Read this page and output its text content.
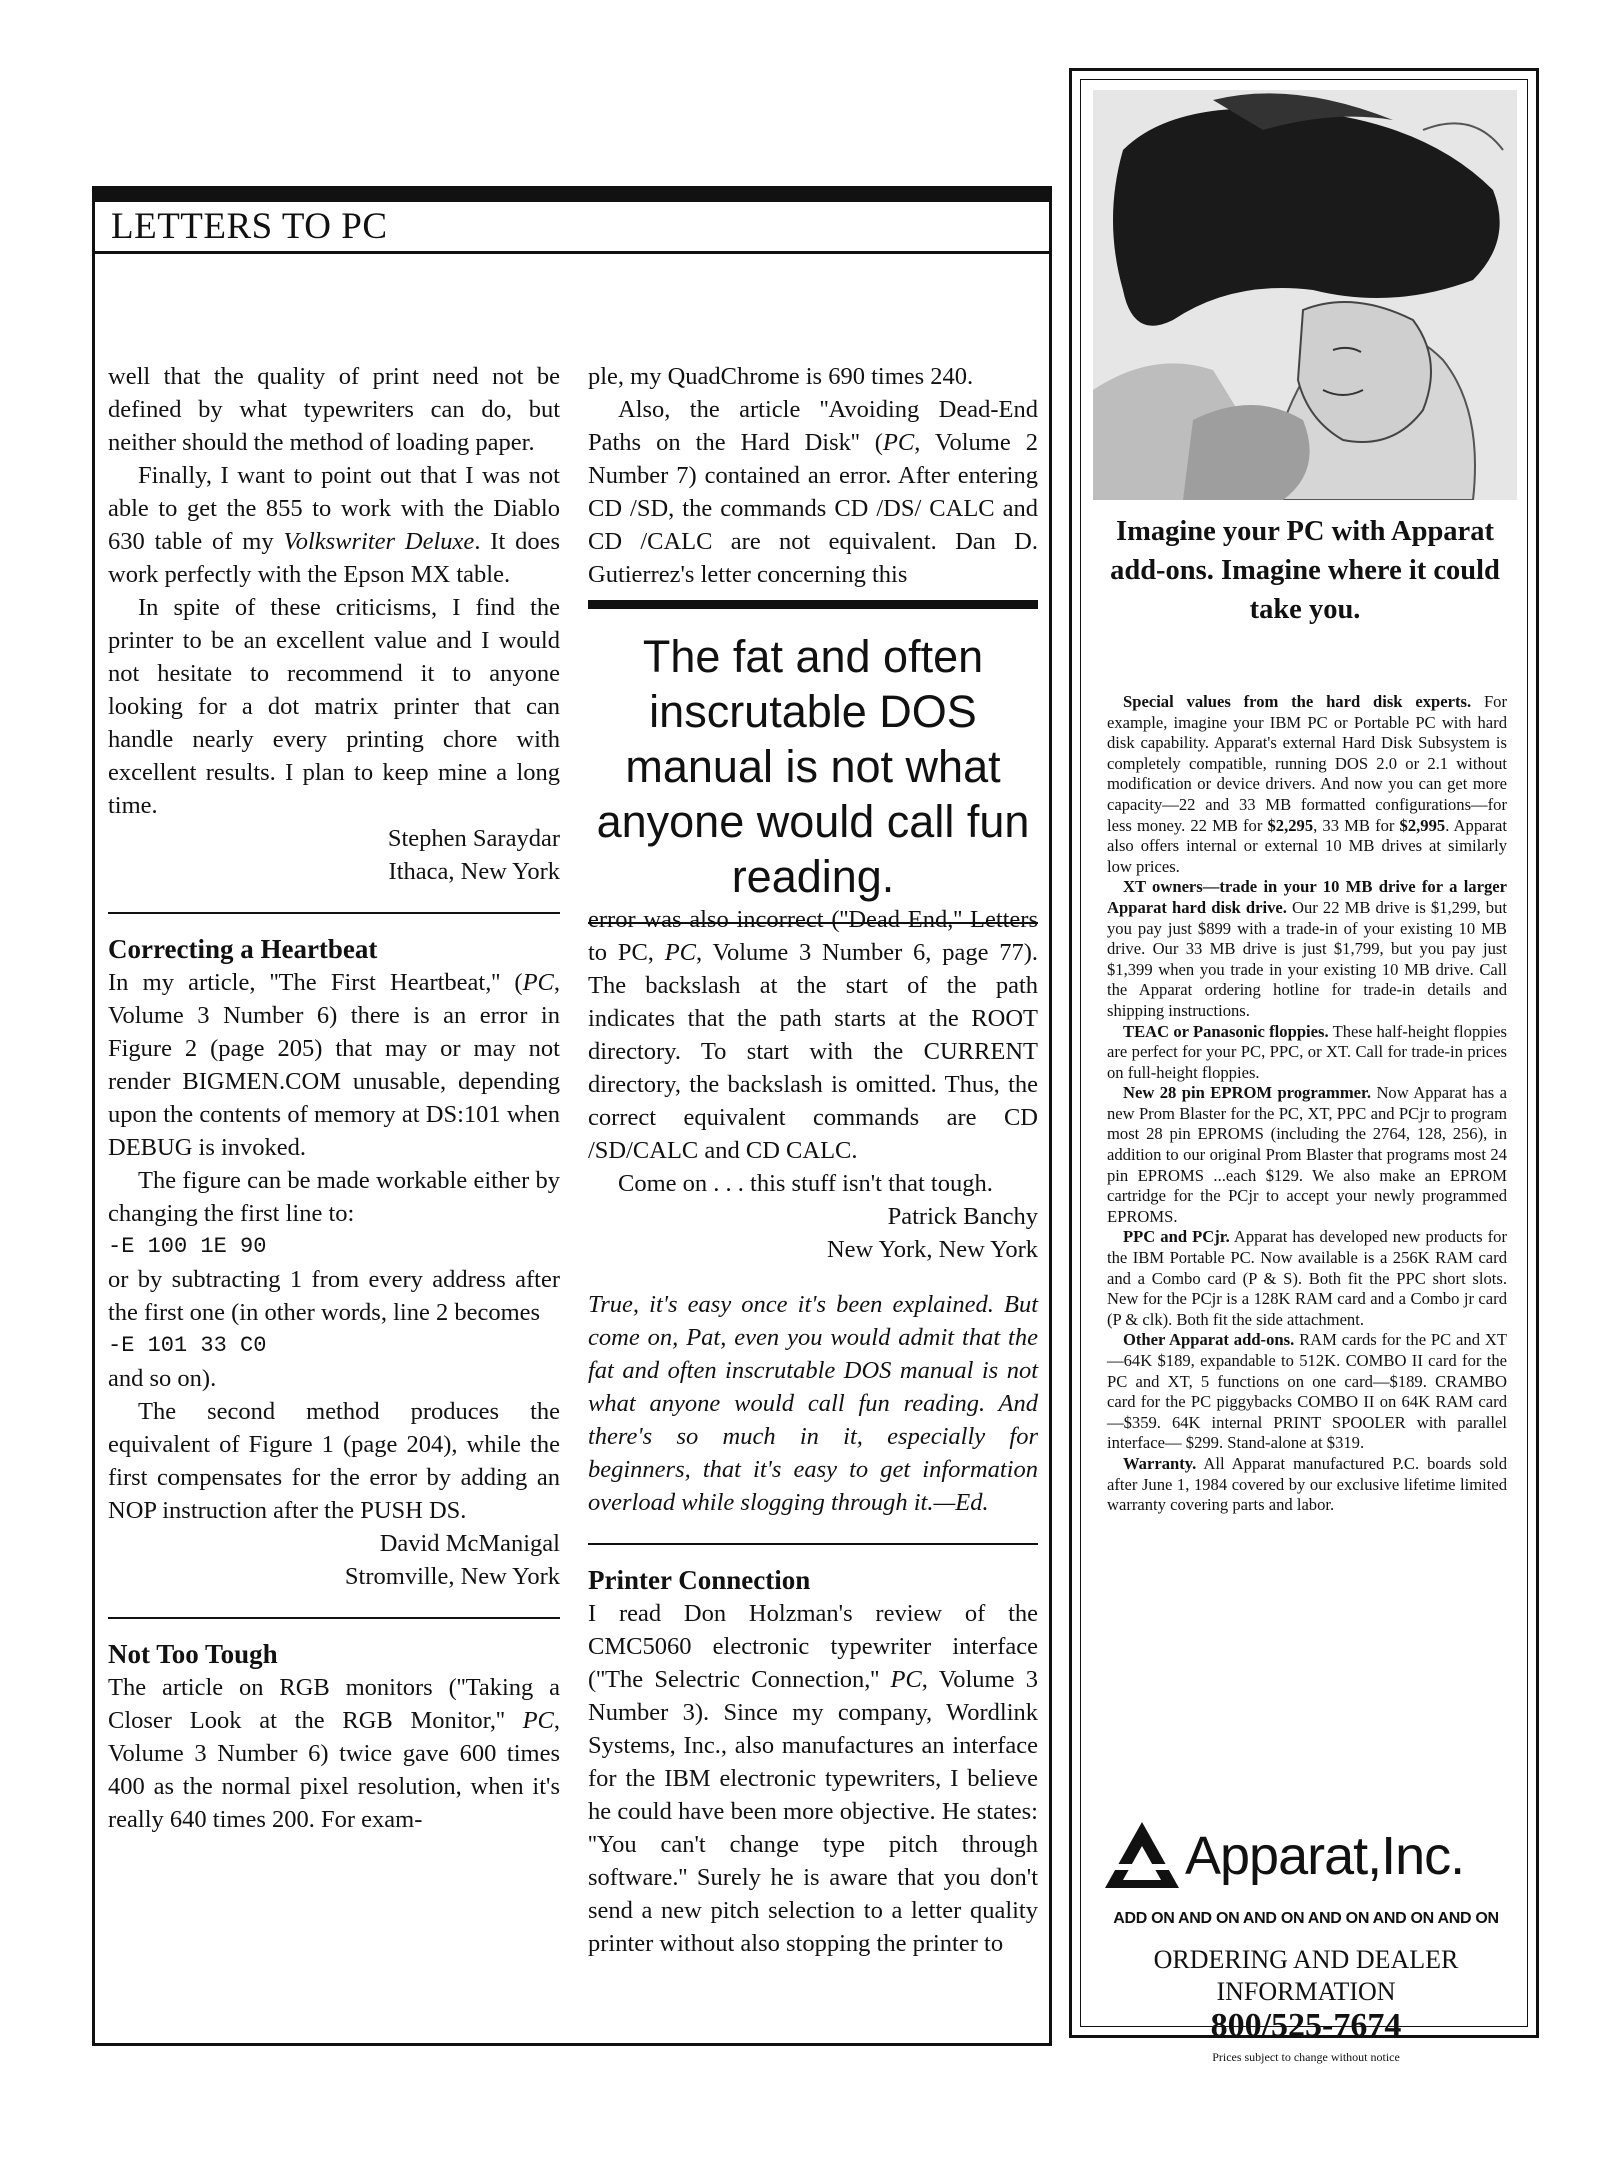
LETTERS TO PC

well that the quality of print need not be defined by what typewriters can do, but neither should the method of loading paper.

Finally, I want to point out that I was not able to get the 855 to work with the Diablo 630 table of my Volkswriter Deluxe. It does work perfectly with the Epson MX table.

In spite of these criticisms, I find the printer to be an excellent value and I would not hesitate to recommend it to anyone looking for a dot matrix printer that can handle nearly every printing chore with excellent results. I plan to keep mine a long time.

Stephen Saraydar

Ithaca, New York

Correcting a Heartbeat

In my article, ''The First Heartbeat,'' (PC, Volume 3 Number 6) there is an error in Figure 2 (page 205) that may or may not render BIGMEN.COM unusable, depending upon the contents of memory at DS:101 when DEBUG is invoked.

The figure can be made workable either by changing the first line to:

-E 100 1E 90

or by subtracting 1 from every address after the first one (in other words, line 2 becomes

-E 101 33 C0

and so on).

The second method produces the equivalent of Figure 1 (page 204), while the first compensates for the error by adding an NOP instruction after the PUSH DS.

David McManigal

Stromville, New York

Not Too Tough

The article on RGB monitors (''Taking a Closer Look at the RGB Monitor,'' PC, Volume 3 Number 6) twice gave 600 times 400 as the normal pixel resolution, when it's really 640 times 200. For exam-

ple, my QuadChrome is 690 times 240.

Also, the article ''Avoiding Dead-End Paths on the Hard Disk'' (PC, Volume 2 Number 7) contained an error. After entering CD /SD, the commands CD /DS/ CALC and CD /CALC are not equivalent. Dan D. Gutierrez's letter concerning this

error was also incorrect (''Dead End,'' Letters to PC, PC, Volume 3 Number 6, page 77). The backslash at the start of the path indicates that the path starts at the ROOT directory. To start with the CURRENT directory, the backslash is omitted. Thus, the correct equivalent commands are CD /SD/CALC and CD CALC.

Come on . . . this stuff isn't that tough.

Patrick Banchy

New York, New York

True, it's easy once it's been explained. But come on, Pat, even you would admit that the fat and often inscrutable DOS manual is not what anyone would call fun reading. And there's so much in it, especially for beginners, that it's easy to get information overload while slogging through it.—Ed.

Printer Connection

I read Don Holzman's review of the CMC5060 electronic typewriter interface (''The Selectric Connection,'' PC, Volume 3 Number 3). Since my company, Wordlink Systems, Inc., also manufactures an interface for the IBM electronic typewriters, I believe he could have been more objective. He states: ''You can't change type pitch through software.'' Surely he is aware that you don't send a new pitch selection to a letter quality printer without also stopping the printer to

The fat and often inscrutable DOS manual is not what anyone would call fun reading.
Imagine your PC with Apparat add-ons. Imagine where it could take you.

Special values from the hard disk experts. For example, imagine your IBM PC or Portable PC with hard disk capability. Apparat's external Hard Disk Subsystem is completely compatible, running DOS 2.0 or 2.1 without modification or device drivers. And now you can get more capacity—22 and 33 MB formatted configurations—for less money. 22 MB for $2,295, 33 MB for $2,995. Apparat also offers internal or external 10 MB drives at similarly low prices.

XT owners—trade in your 10 MB drive for a larger Apparat hard disk drive. Our 22 MB drive is $1,299, but you pay just $899 with a trade-in of your existing 10 MB drive. Our 33 MB drive is just $1,799, but you pay just $1,399 when you trade in your existing 10 MB drive. Call the Apparat ordering hotline for trade-in details and shipping instructions.

TEAC or Panasonic floppies. These half-height floppies are perfect for your PC, PPC, or XT. Call for trade-in prices on full-height floppies.

New 28 pin EPROM programmer. Now Apparat has a new Prom Blaster for the PC, XT, PPC and PCjr to program most 28 pin EPROMS (including the 2764, 128, 256), in addition to our original Prom Blaster that programs most 24 pin EPROMS ...each $129. We also make an EPROM cartridge for the PCjr to accept your newly programmed EPROMS.

PPC and PCjr. Apparat has developed new products for the IBM Portable PC. Now available is a 256K RAM card and a Combo card (P & S). Both fit the PPC short slots. New for the PCjr is a 128K RAM card and a Combo jr card (P & clk). Both fit the side attachment.

Other Apparat add-ons. RAM cards for the PC and XT—64K $189, expandable to 512K. COMBO II card for the PC and XT, 5 functions on one card—$189. CRAMBO card for the PC piggybacks COMBO II on 64K RAM card—$359. 64K internal PRINT SPOOLER with parallel interface— $299. Stand-alone at $319.

Warranty. All Apparat manufactured P.C. boards sold after June 1, 1984 covered by our exclusive lifetime limited warranty covering parts and labor.

Apparat,Inc.
ADD ON AND ON AND ON AND ON AND ON AND ON
ORDERING AND DEALER
INFORMATION
800/525-7674
Prices subject to change without notice
